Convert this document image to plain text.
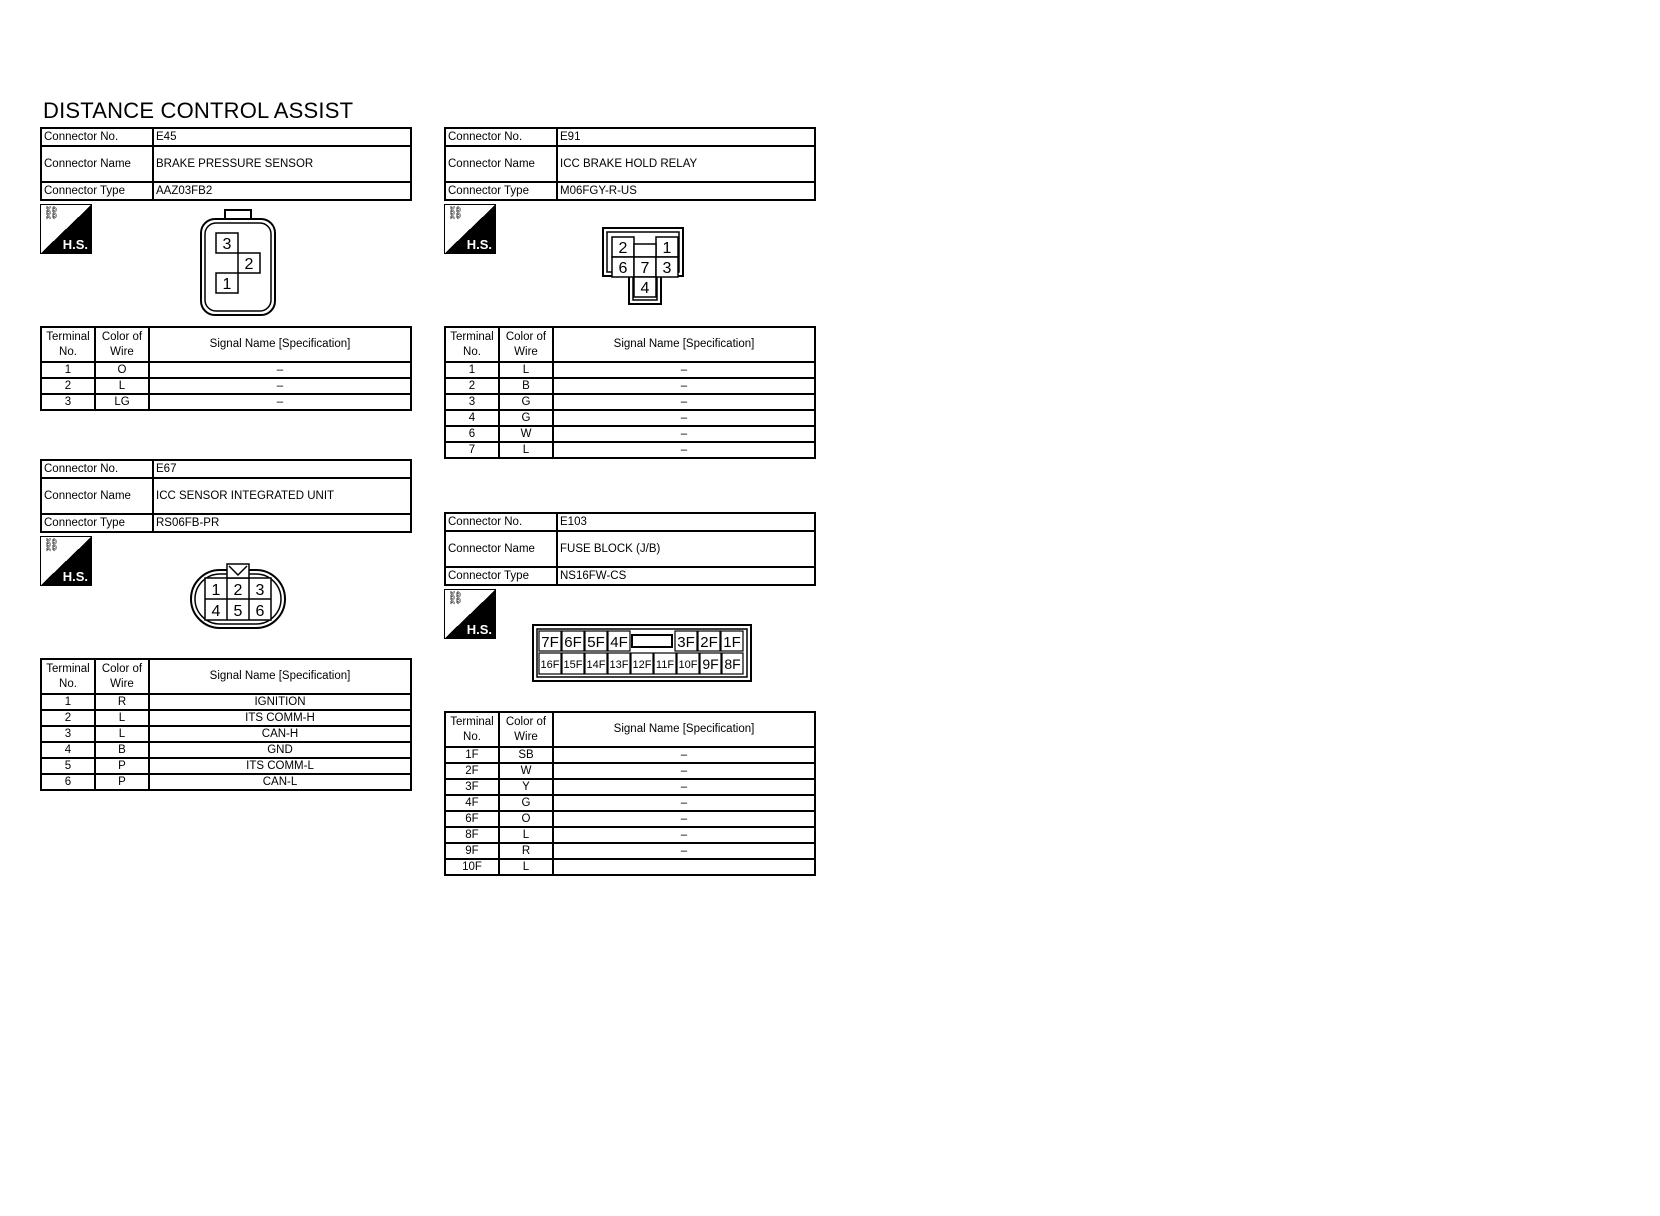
DISTANCE CONTROL ASSIST
Connector No.	E45
Connector Name	BRAKE PRESSURE SENSOR
Connector Type	AAZ03FB2
⛓
H.S.	3
2
1
Terminal No.	Color of Wire	Signal Name [Specification]
1	O	–
2	L	–
3	LG	–
Connector No.	E67
Connector Name	ICC SENSOR INTEGRATED UNIT
Connector Type	RS06FB-PR
⛓
H.S.
1 2 3
4 5 6
Terminal No.	Color of Wire	Signal Name [Specification]
1	R	IGNITION
2	L	ITS COMM-H
3	L	CAN-H
4	B	GND
5	P	ITS COMM-L
6	P	CAN-L
Connector No.	E91
Connector Name	ICC BRAKE HOLD RELAY
Connector Type	M06FGY-R-US
⛓
H.S.	2 1
6 7 3
4
Terminal No.	Color of Wire	Signal Name [Specification]
1	L	–
2	B	–
3	G	–
4	G	–
6	W	–
7	L	–
Connector No.	E103
Connector Name	FUSE BLOCK (J/B)
Connector Type	NS16FW-CS
⛓
H.S.
7F 6F 5F 4F	3F 2F 1F
16F 15F 14F 13F 12F 11F 10F 9F 8F
Terminal No.	Color of Wire	Signal Name [Specification]
1F	SB	–
2F	W	–
3F	Y	–
4F	G	–
6F	O	–
8F	L	–
9F	R	–
10F	L	
